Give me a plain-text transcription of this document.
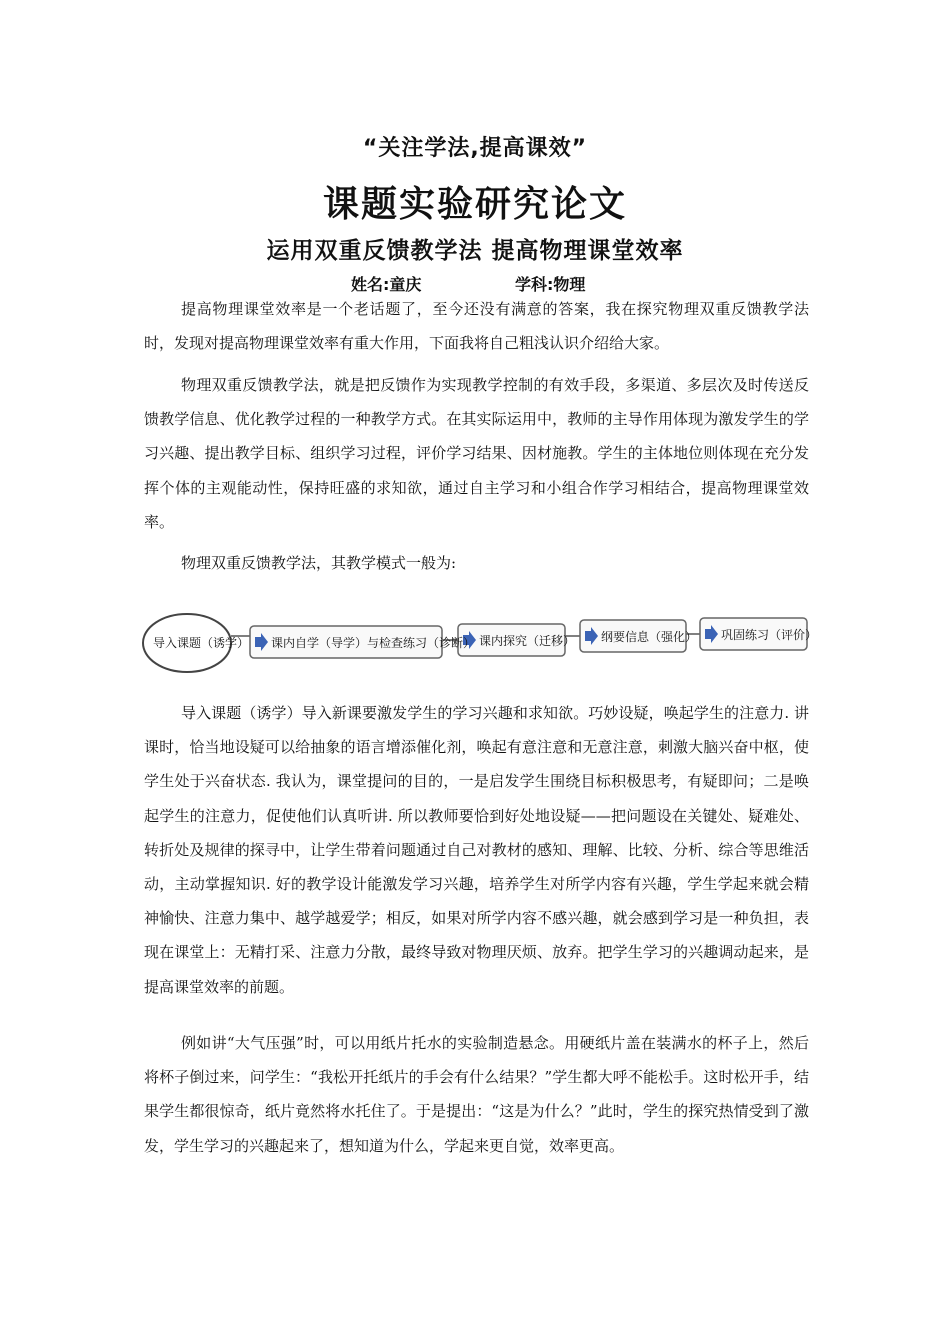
“关注学法,提高课效”
课题实验研究论文
运用双重反馈教学法 提高物理课堂效率
姓名:童庆	学科:物理

提高物理课堂效率是一个老话题了，至今还没有满意的答案，我在探究物理双重反馈教学法时，发现对提高物理课堂效率有重大作用，下面我将自己粗浅认识介绍给大家。

物理双重反馈教学法，就是把反馈作为实现教学控制的有效手段，多渠道、多层次及时传送反馈教学信息、优化教学过程的一种教学方式。在其实际运用中，教师的主导作用体现为激发学生的学习兴趣、提出教学目标、组织学习过程，评价学习结果、因材施教。学生的主体地位则体现在充分发挥个体的主观能动性，保持旺盛的求知欲，通过自主学习和小组合作学习相结合，提高物理课堂效率。

物理双重反馈教学法，其教学模式一般为:

导入课题（诱学） 课内自学（导学）与检查练习（诊断） 课内探究（迁移） 纲要信息（强化） 巩固练习（评价）

导入课题（诱学）导入新课要激发学生的学习兴趣和求知欲。巧妙设疑，唤起学生的注意力. 讲课时，恰当地设疑可以给抽象的语言增添催化剂，唤起有意注意和无意注意，刺激大脑兴奋中枢，使学生处于兴奋状态. 我认为，课堂提问的目的，一是启发学生围绕目标积极思考，有疑即问；二是唤起学生的注意力，促使他们认真听讲. 所以教师要恰到好处地设疑——把问题设在关键处、疑难处、转折处及规律的探寻中，让学生带着问题通过自己对教材的感知、理解、比较、分析、综合等思维活动，主动掌握知识. 好的教学设计能激发学习兴趣，培养学生对所学内容有兴趣，学生学起来就会精神愉快、注意力集中、越学越爱学；相反，如果对所学内容不感兴趣，就会感到学习是一种负担，表现在课堂上：无精打采、注意力分散，最终导致对物理厌烦、放弃。把学生学习的兴趣调动起来，是提高课堂效率的前题。

例如讲“大气压强”时，可以用纸片托水的实验制造悬念。用硬纸片盖在装满水的杯子上，然后将杯子倒过来，问学生：“我松开托纸片的手会有什么结果？”学生都大呼不能松手。这时松开手，结果学生都很惊奇，纸片竟然将水托住了。于是提出：“这是为什么？”此时，学生的探究热情受到了激发，学生学习的兴趣起来了，想知道为什么，学起来更自觉，效率更高。
